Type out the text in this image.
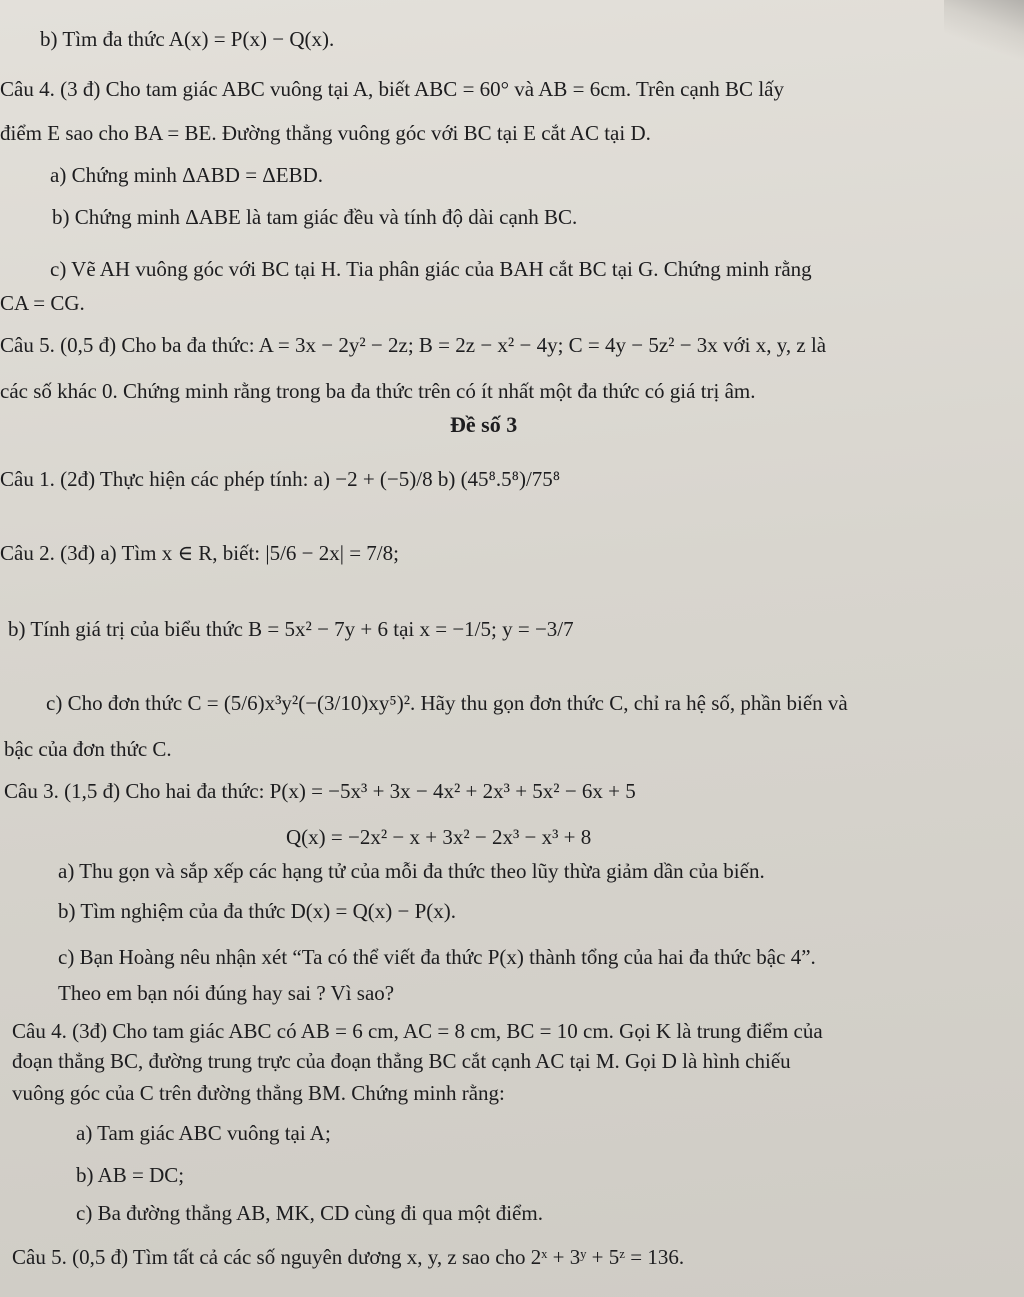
b) Tìm đa thức A(x) = P(x) − Q(x).
Câu 4. (3 đ) Cho tam giác ABC vuông tại A, biết ABC = 60° và AB = 6cm. Trên cạnh BC lấy
điểm E sao cho BA = BE. Đường thẳng vuông góc với BC tại E cắt AC tại D.
a) Chứng minh ΔABD = ΔEBD.
b) Chứng minh ΔABE là tam giác đều và tính độ dài cạnh BC.
c) Vẽ AH vuông góc với BC tại H. Tia phân giác của BAH cắt BC tại G. Chứng minh rằng
CA = CG.
Câu 5. (0,5 đ) Cho ba đa thức: A = 3x − 2y² − 2z; B = 2z − x² − 4y; C = 4y − 5z² − 3x với x, y, z là
các số khác 0. Chứng minh rằng trong ba đa thức trên có ít nhất một đa thức có giá trị âm.
Đề số 3
Câu 1. (2đ) Thực hiện các phép tính: a) −2 + (−5)/8 b) (45⁸.5⁸)/75⁸
Câu 2. (3đ) a) Tìm x ∈ R, biết: |5/6 − 2x| = 7/8;
b) Tính giá trị của biểu thức B = 5x² − 7y + 6 tại x = −1/5; y = −3/7
c) Cho đơn thức C = (5/6)x³y²(−(3/10)xy⁵)². Hãy thu gọn đơn thức C, chỉ ra hệ số, phần biến và
bậc của đơn thức C.
Câu 3. (1,5 đ) Cho hai đa thức: P(x) = −5x³ + 3x − 4x² + 2x³ + 5x² − 6x + 5
Q(x) = −2x² − x + 3x² − 2x³ − x³ + 8
a) Thu gọn và sắp xếp các hạng tử của mỗi đa thức theo lũy thừa giảm dần của biến.
b) Tìm nghiệm của đa thức D(x) = Q(x) − P(x).
c) Bạn Hoàng nêu nhận xét “Ta có thể viết đa thức P(x) thành tổng của hai đa thức bậc 4”.
Theo em bạn nói đúng hay sai ? Vì sao?
Câu 4. (3đ) Cho tam giác ABC có AB = 6 cm, AC = 8 cm, BC = 10 cm. Gọi K là trung điểm của
đoạn thẳng BC, đường trung trực của đoạn thẳng BC cắt cạnh AC tại M. Gọi D là hình chiếu
vuông góc của C trên đường thẳng BM. Chứng minh rằng:
a) Tam giác ABC vuông tại A;
b) AB = DC;
c) Ba đường thẳng AB, MK, CD cùng đi qua một điểm.
Câu 5. (0,5 đ) Tìm tất cả các số nguyên dương x, y, z sao cho 2ˣ + 3ʸ + 5ᶻ = 136.
